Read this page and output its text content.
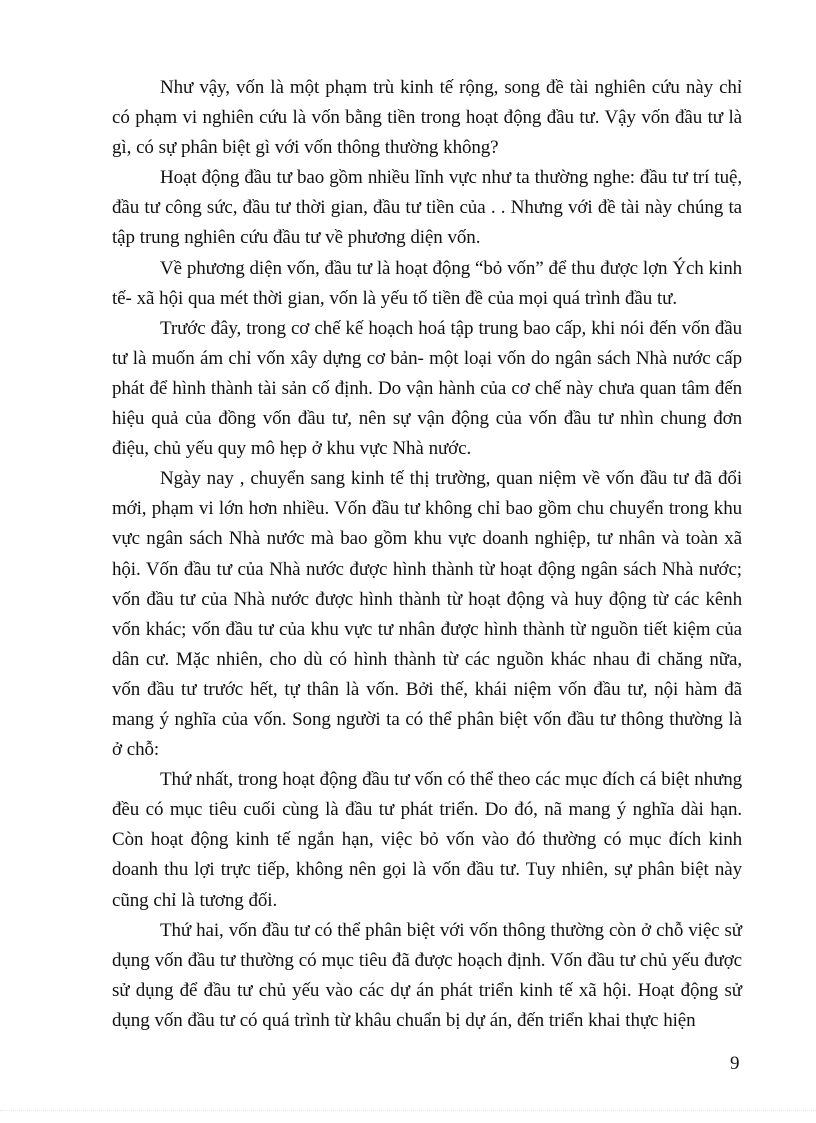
Như vậy, vốn là một phạm trù kinh tế rộng, song đề tài nghiên cứu này chỉ có phạm vi nghiên cứu là vốn bằng tiền trong hoạt động đầu tư. Vậy vốn đầu tư là gì, có sự phân biệt gì với vốn thông thường không?

Hoạt động đầu tư bao gồm nhiều lĩnh vực như ta thường nghe: đầu tư trí tuệ, đầu tư công sức, đầu tư thời gian, đầu tư tiền của . . Nhưng với đề tài này chúng ta tập trung nghiên cứu đầu tư về phương diện vốn.

Về phương diện vốn, đầu tư là hoạt động “bỏ vốn” để thu được lợn Ých kinh tế- xã hội qua mét thời gian, vốn là yếu tố tiền đề của mọi quá trình đầu tư.

Trước đây, trong cơ chế kế hoạch hoá tập trung bao cấp, khi nói đến vốn đầu tư là muốn ám chỉ vốn xây dựng cơ bản- một loại vốn do ngân sách Nhà nước cấp phát để hình thành tài sản cố định. Do vận hành của cơ chế này chưa quan tâm đến hiệu quả của đồng vốn đầu tư, nên sự vận động của vốn đầu tư nhìn chung đơn điệu, chủ yếu quy mô hẹp ở khu vực Nhà nước.

Ngày nay , chuyển sang kinh tế thị trường, quan niệm về vốn đầu tư đã đổi mới, phạm vi lớn hơn nhiều. Vốn đầu tư không chỉ bao gồm chu chuyển trong khu vực ngân sách Nhà nước mà bao gồm khu vực doanh nghiệp, tư nhân và toàn xã hội. Vốn đầu tư của Nhà nước được hình thành từ hoạt động ngân sách Nhà nước; vốn đầu tư của Nhà nước được hình thành từ hoạt động và huy động từ các kênh vốn khác; vốn đầu tư của khu vực tư nhân được hình thành từ nguồn tiết kiệm của dân cư. Mặc nhiên, cho dù có hình thành từ các nguồn khác nhau đi chăng nữa, vốn đầu tư trước hết, tự thân là vốn. Bởi thế, khái niệm vốn đầu tư, nội hàm đã mang ý nghĩa của vốn. Song người ta có thể phân biệt vốn đầu tư thông thường là ở chỗ:

Thứ nhất, trong hoạt động đầu tư vốn có thể theo các mục đích cá biệt nhưng đều có mục tiêu cuối cùng là đầu tư phát triển. Do đó, nã mang ý nghĩa dài hạn. Còn hoạt động kinh tế ngắn hạn, việc bỏ vốn vào đó thường có mục đích kinh doanh thu lợi trực tiếp, không nên gọi là vốn đầu tư. Tuy nhiên, sự phân biệt này cũng chỉ là tương đối.

Thứ hai, vốn đầu tư có thể phân biệt với vốn thông thường còn ở chỗ việc sử dụng vốn đầu tư thường có mục tiêu đã được hoạch định. Vốn đầu tư chủ yếu được sử dụng để đầu tư chủ yếu vào các dự án phát triển kinh tế xã hội. Hoạt động sử dụng vốn đầu tư có quá trình từ khâu chuẩn bị dự án, đến triển khai thực hiện

9
